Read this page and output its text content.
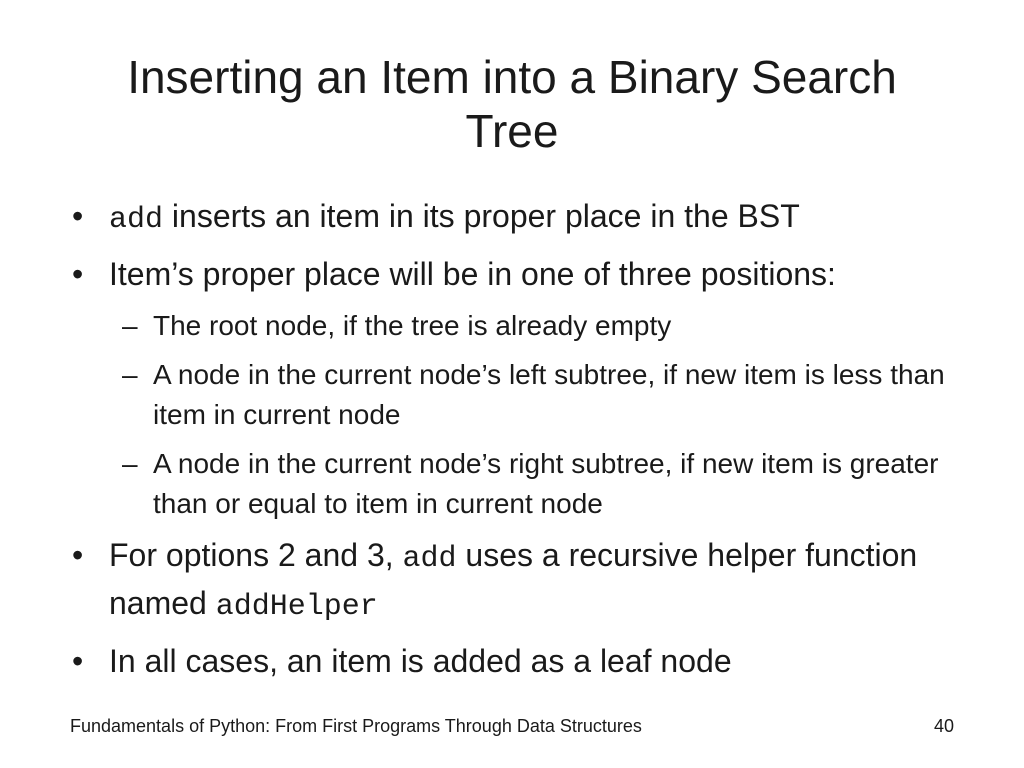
Inserting an Item into a Binary Search
Tree
• add inserts an item in its proper place in the BST
• Item’s proper place will be in one of three positions:
– The root node, if the tree is already empty
– A node in the current node’s left subtree, if new item is less than item in current node
– A node in the current node’s right subtree, if new item is greater than or equal to item in current node
• For options 2 and 3, add uses a recursive helper function named addHelper
• In all cases, an item is added as a leaf node
Fundamentals of Python: From First Programs Through Data Structures	40
